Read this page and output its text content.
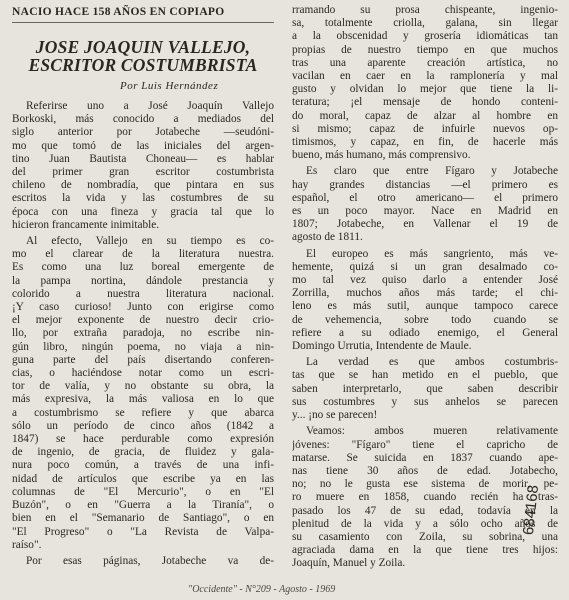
NACIO HACE 158 AÑOS EN COPIAPO
JOSE JOAQUIN VALLEJO,
ESCRITOR COSTUMBRISTA
Por Luis Hernández
Referirse uno a José Joaquín Vallejo
Borkoski, más conocido a mediados del
siglo anterior por Jotabeche —seudóni-
mo que tomó de las iniciales del argen-
tino Juan Bautista Choneau— es hablar
del primer gran escritor costumbrista
chileno de nombradía, que pintara en sus
escritos la vida y las costumbres de su
época con una fineza y gracia tal que lo
hicieron francamente inimitable.
Al efecto, Vallejo en su tiempo es co-
mo el clarear de la literatura nuestra.
Es como una luz boreal emergente de
la pampa nortina, dándole prestancia y
colorido a nuestra literatura nacional.
¡Y caso curioso! Junto con erigirse como
el mejor exponente de nuestro decir crio-
llo, por extraña paradoja, no escribe nin-
gún libro, ningún poema, no viaja a nin-
guna parte del país disertando conferen-
cias, o haciéndose notar como un escri-
tor de valía, y no obstante su obra, la
más expresiva, la más valiosa en lo que
a costumbrismo se refiere y que abarca
sólo un período de cinco años (1842 a
1847) se hace perdurable como expresión
de ingenio, de gracia, de fluidez y gala-
nura poco común, a través de una infi-
nidad de artículos que escribe ya en las
columnas de "El Mercurio", o en "El
Buzón", o en "Guerra a la Tiranía", o
bien en el "Semanario de Santiago", o en
"El Progreso" o "La Revista de Valpa-
raíso".
Por esas páginas, Jotabeche va de-
rramando su prosa chispeante, ingenio-
sa, totalmente criolla, galana, sin llegar
a la obscenidad y grosería idiomáticas tan
propias de nuestro tiempo en que muchos
tras una aparente creación artística, no
vacilan en caer en la ramplonería y mal
gusto y olvidan lo mejor que tiene la li-
teratura; ¡el mensaje de hondo conteni-
do moral, capaz de alzar al hombre en
si mismo; capaz de infuirle nuevos op-
timismos, y capaz, en fin, de hacerle más
bueno, más humano, más comprensivo.
Es claro que entre Fígaro y Jotabeche
hay grandes distancias —el primero es
español, el otro americano— el primero
es un poco mayor. Nace en Madrid en
1807; Jotabeche, en Vallenar el 19 de
agosto de 1811.
El europeo es más sangriento, más ve-
hemente, quizá si un gran desalmado co-
mo tal vez quiso darlo a entender José
Zorrilla, muchos años más tarde; el chi-
leno es más sutil, aunque tampoco carece
de vehemencia, sobre todo cuando se
refiere a su odiado enemigo, el General
Domingo Urrutia, Intendente de Maule.
La verdad es que ambos costumbris-
tas que se han metido en el pueblo, que
saben interpretarlo, que saben describir
sus costumbres y sus anhelos se parecen
y... ¡no se parecen!
Veamos: ambos mueren relativamente
jóvenes: "Fígaro" tiene el capricho de
matarse. Se suicida en 1837 cuando ape-
nas tiene 30 años de edad. Jotabecho,
no; no le gusta ese sistema de morir, pe-
ro muere en 1858, cuando recién ha tras-
pasado los 47 de su edad, todavía en la
plenitud de la vida y a sólo ocho años de
su casamiento con Zoila, su sobrina, una
agraciada dama en la que tiene tres hijos:
Joaquín, Manuel y Zoila.
684168
"Occidente" - N°209 - Agosto - 1969
